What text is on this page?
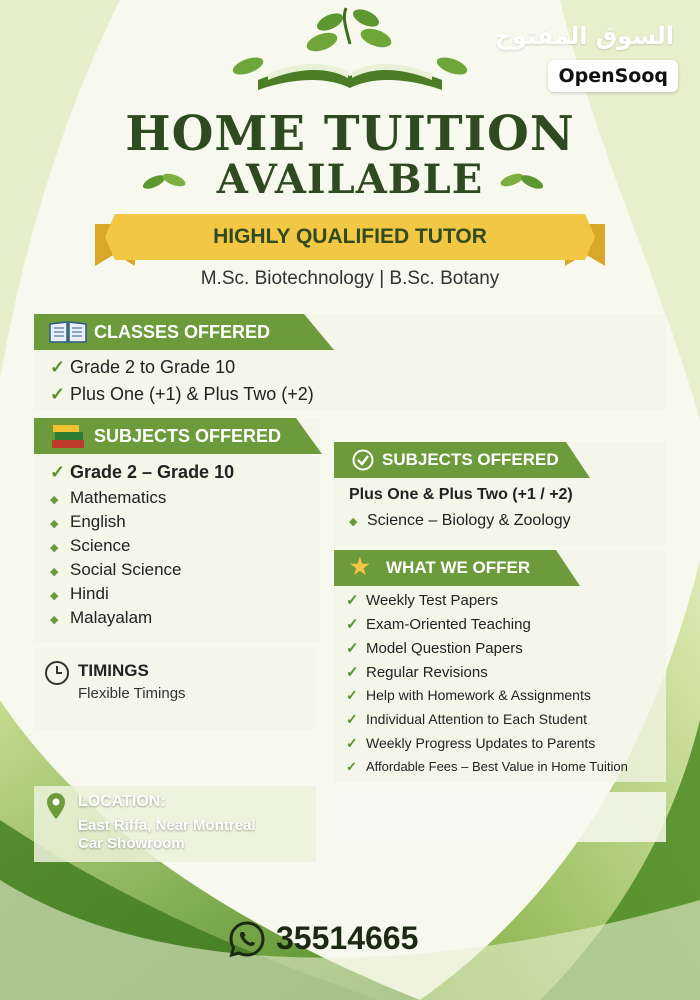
السوق المفتوح
OpenSooq
HOME TUITION
AVAILABLE
HIGHLY QUALIFIED TUTOR
M.Sc. Biotechnology | B.Sc. Botany
CLASSES OFFERED
✓ Grade 2 to Grade 10
✓ Plus One (+1) & Plus Two (+2)
SUBJECTS OFFERED
✓ Grade 2 – Grade 10
◆ Mathematics
◆ English
◆ Science
◆ Social Science
◆ Hindi
◆ Malayalam
TIMINGS
Flexible Timings
SUBJECTS OFFERED
Plus One & Plus Two (+1 / +2)
◆ Science – Biology & Zoology
★ WHAT WE OFFER
✓ Weekly Test Papers
✓ Exam-Oriented Teaching
✓ Model Question Papers
✓ Regular Revisions
✓ Help with Homework & Assignments
✓ Individual Attention to Each Student
✓ Weekly Progress Updates to Parents
✓ Affordable Fees – Best Value in Home Tuition
LOCATION:
East Riffa, Near Montreal
Car Showroom
35514665
